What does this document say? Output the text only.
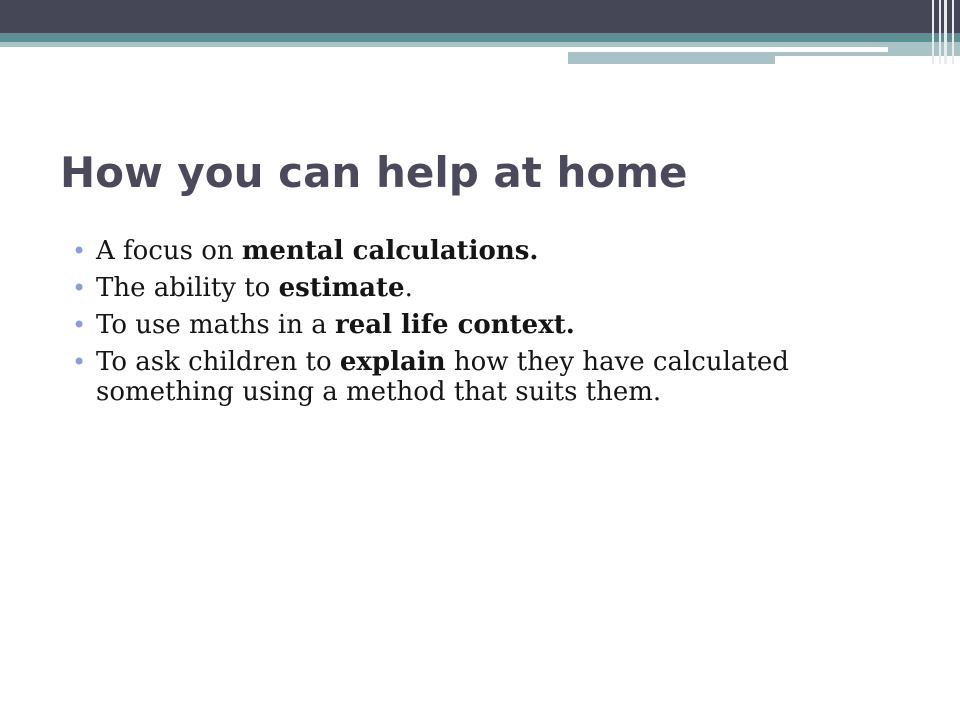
How you can help at home
• A focus on mental calculations.
• The ability to estimate.
• To use maths in a real life context.
• To ask children to explain how they have calculated something using a method that suits them.
